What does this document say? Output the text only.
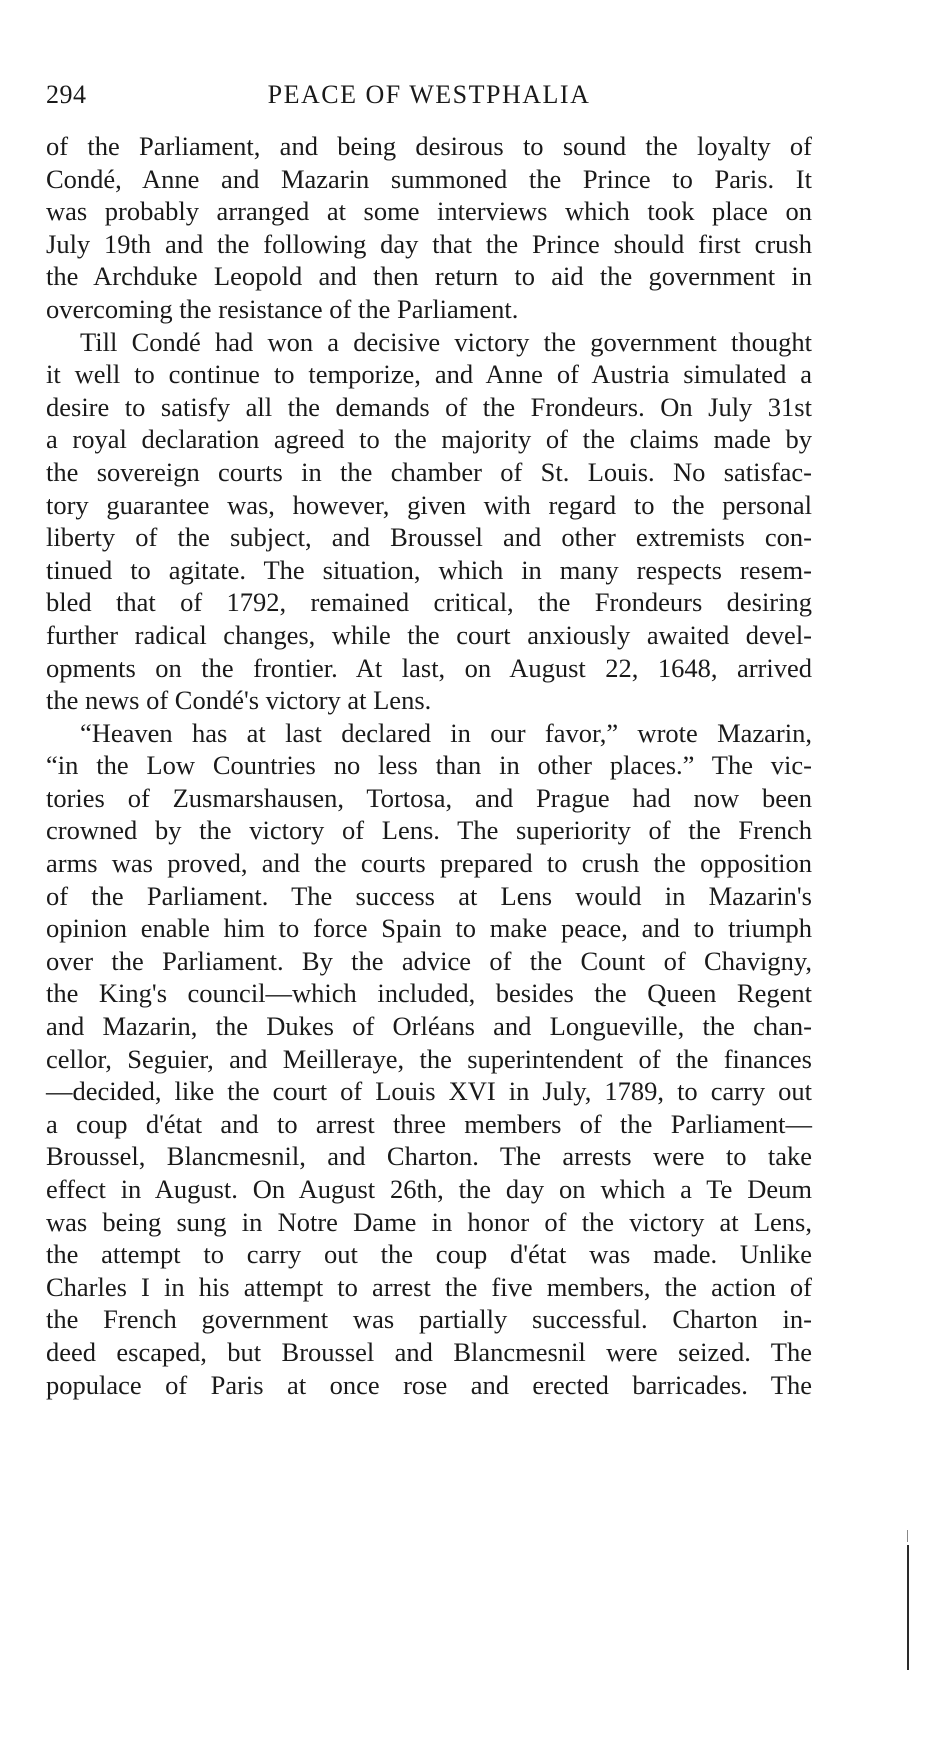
294	PEACE OF WESTPHALIA
of the Parliament, and being desirous to sound the loyalty of
Condé, Anne and Mazarin summoned the Prince to Paris. It
was probably arranged at some interviews which took place on
July 19th and the following day that the Prince should first crush
the Archduke Leopold and then return to aid the government in
overcoming the resistance of the Parliament.
Till Condé had won a decisive victory the government thought
it well to continue to temporize, and Anne of Austria simulated a
desire to satisfy all the demands of the Frondeurs. On July 31st
a royal declaration agreed to the majority of the claims made by
the sovereign courts in the chamber of St. Louis. No satisfac-
tory guarantee was, however, given with regard to the personal
liberty of the subject, and Broussel and other extremists con-
tinued to agitate. The situation, which in many respects resem-
bled that of 1792, remained critical, the Frondeurs desiring
further radical changes, while the court anxiously awaited devel-
opments on the frontier. At last, on August 22, 1648, arrived
the news of Condé's victory at Lens.
“Heaven has at last declared in our favor,” wrote Mazarin,
“in the Low Countries no less than in other places.” The vic-
tories of Zusmarshausen, Tortosa, and Prague had now been
crowned by the victory of Lens. The superiority of the French
arms was proved, and the courts prepared to crush the opposition
of the Parliament. The success at Lens would in Mazarin's
opinion enable him to force Spain to make peace, and to triumph
over the Parliament. By the advice of the Count of Chavigny,
the King's council—which included, besides the Queen Regent
and Mazarin, the Dukes of Orléans and Longueville, the chan-
cellor, Seguier, and Meilleraye, the superintendent of the finances
—decided, like the court of Louis XVI in July, 1789, to carry out
a coup d'état and to arrest three members of the Parliament—
Broussel, Blancmesnil, and Charton. The arrests were to take
effect in August. On August 26th, the day on which a Te Deum
was being sung in Notre Dame in honor of the victory at Lens,
the attempt to carry out the coup d'état was made. Unlike
Charles I in his attempt to arrest the five members, the action of
the French government was partially successful. Charton in-
deed escaped, but Broussel and Blancmesnil were seized. The
populace of Paris at once rose and erected barricades. The
